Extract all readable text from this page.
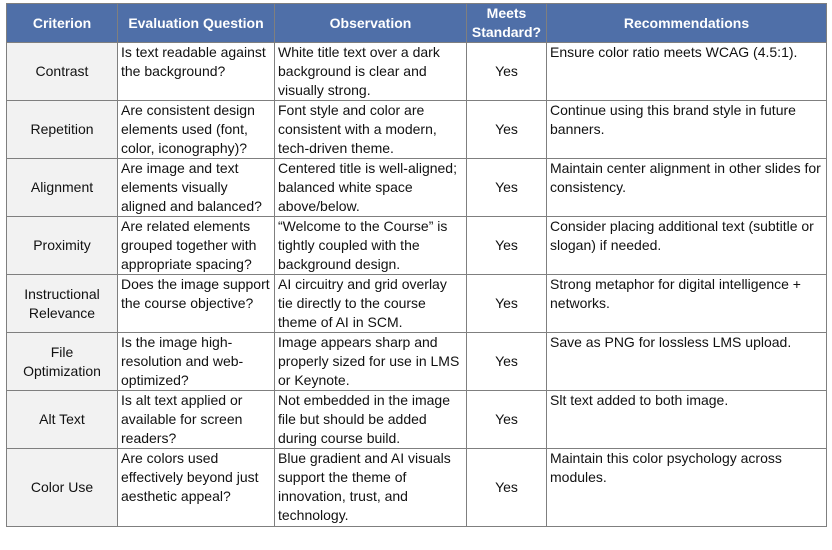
Criterion	Evaluation Question	Observation	Meets Standard?	Recommendations
Contrast	Is text readable against the background?	White title text over a dark background is clear and visually strong.	Yes	Ensure color ratio meets WCAG (4.5:1).
Repetition	Are consistent design elements used (font, color, iconography)?	Font style and color are consistent with a modern, tech-driven theme.	Yes	Continue using this brand style in future banners.
Alignment	Are image and text elements visually aligned and balanced?	Centered title is well-aligned; balanced white space above/below.	Yes	Maintain center alignment in other slides for consistency.
Proximity	Are related elements grouped together with appropriate spacing?	“Welcome to the Course” is tightly coupled with the background design.	Yes	Consider placing additional text (subtitle or slogan) if needed.
Instructional Relevance	Does the image support the course objective?	AI circuitry and grid overlay tie directly to the course theme of AI in SCM.	Yes	Strong metaphor for digital intelligence + networks.
File Optimization	Is the image high-resolution and web-optimized?	Image appears sharp and properly sized for use in LMS or Keynote.	Yes	Save as PNG for lossless LMS upload.
Alt Text	Is alt text applied or available for screen readers?	Not embedded in the image file but should be added during course build.	Yes	Slt text added to both image.
Color Use	Are colors used effectively beyond just aesthetic appeal?	Blue gradient and AI visuals support the theme of innovation, trust, and technology.	Yes	Maintain this color psychology across modules.
